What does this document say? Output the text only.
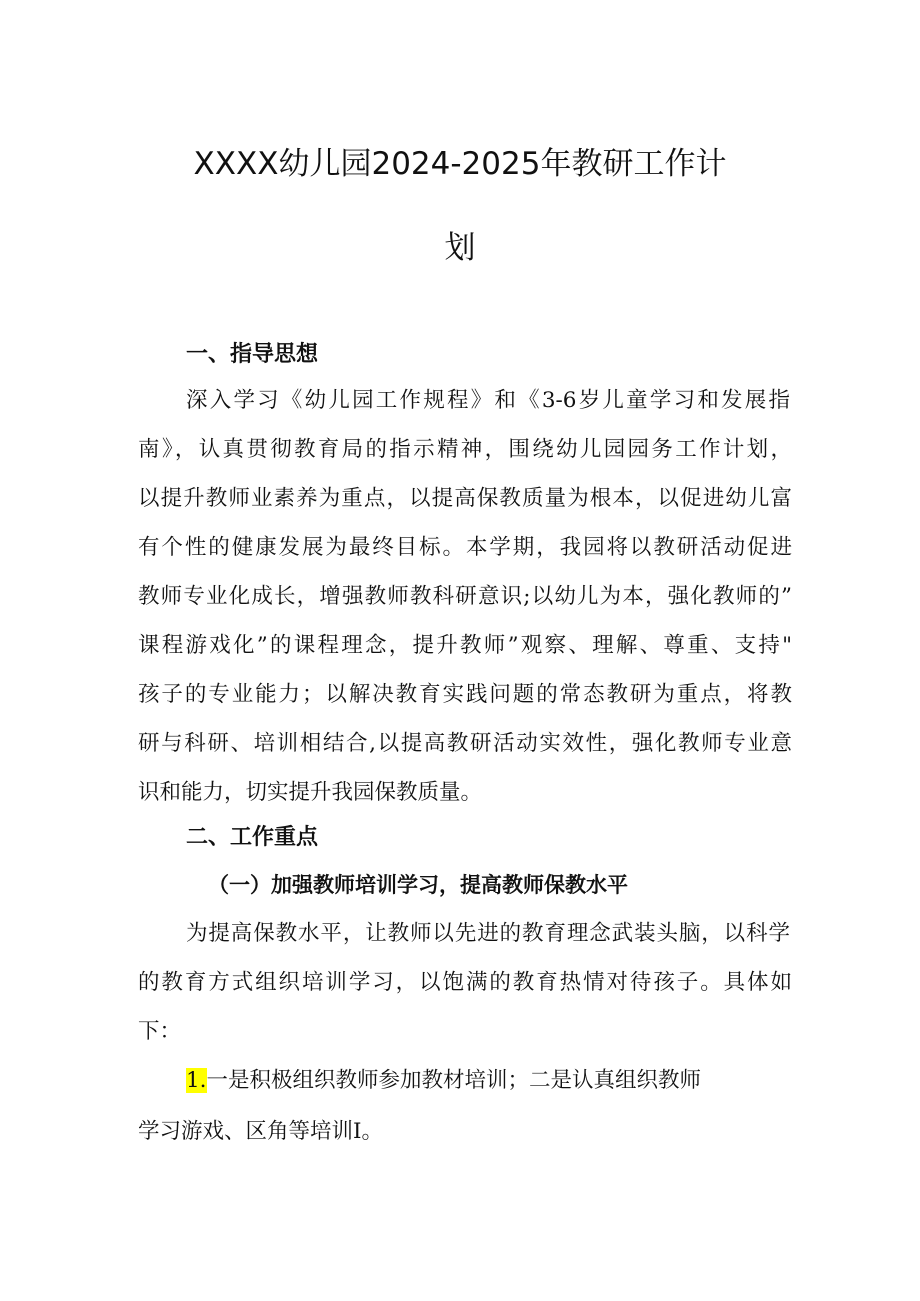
XXXX幼儿园2024-2025年教研工作计
划
一、指导思想
深入学习《幼儿园工作规程》和《3-6岁儿童学习和发展指
南》，认真贯彻教育局的指示精神，围绕幼儿园园务工作计划，
以提升教师业素养为重点，以提高保教质量为根本，以促进幼儿富
有个性的健康发展为最终目标。本学期，我园将以教研活动促进
教师专业化成长，增强教师教科研意识;以幼儿为本，强化教师的”
课程游戏化”的课程理念，提升教师”观察、理解、尊重、支持"
孩子的专业能力；以解决教育实践问题的常态教研为重点，将教
研与科研、培训相结合,以提高教研活动实效性，强化教师专业意
识和能力，切实提升我园保教质量。
二、工作重点
（一）加强教师培训学习，提高教师保教水平
为提高保教水平，让教师以先进的教育理念武装头脑，以科学
的教育方式组织培训学习，以饱满的教育热情对待孩子。具体如
下：
1.一是积极组织教师参加教材培训；二是认真组织教师
学习游戏、区角等培训I。
